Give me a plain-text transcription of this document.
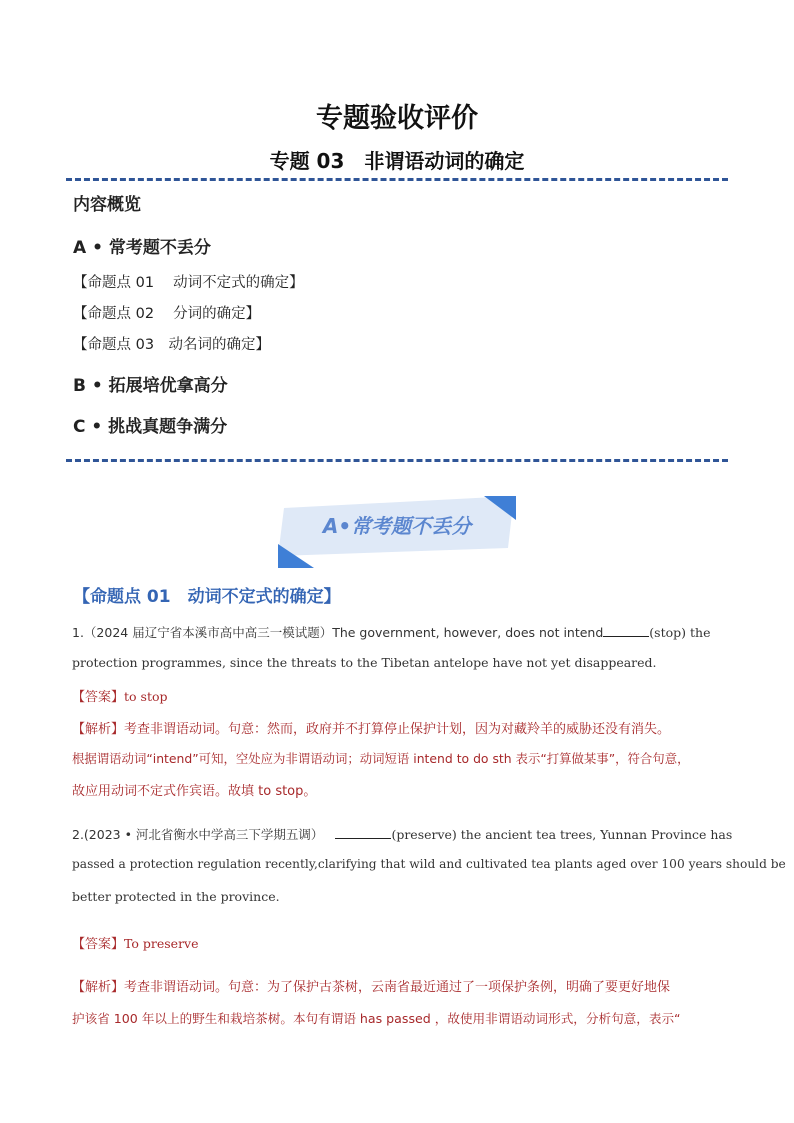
专题验收评价
专题 03　非谓语动词的确定
内容概览
A • 常考题不丢分
【命题点 01　 动词不定式的确定】
【命题点 02　 分词的确定】
【命题点 03　动名词的确定】
B • 拓展培优拿高分
C • 挑战真题争满分
A•常考题不丢分
【命题点 01　动词不定式的确定】
1.（2024 届辽宁省本溪市高中高三一模试题）The government, however, does not intend	(stop) the
protection programmes, since the threats to the Tibetan antelope have not yet disappeared.
【答案】to stop
【解析】考查非谓语动词。句意：然而，政府并不打算停止保护计划，因为对藏羚羊的威胁还没有消失。
根据谓语动词“intend”可知，空处应为非谓语动词；动词短语 intend to do sth 表示“打算做某事”，符合句意，
故应用动词不定式作宾语。故填 to stop。
2.(2023 • 河北省衡水中学高三下学期五调）	(preserve) the ancient tea trees, Yunnan Province has
passed a protection regulation recently,clarifying that wild and cultivated tea plants aged over 100 years should be
better protected in the province.
【答案】To preserve
【解析】考查非谓语动词。句意：为了保护古茶树，云南省最近通过了一项保护条例，明确了要更好地保
护该省 100 年以上的野生和栽培茶树。本句有谓语 has passed ，故使用非谓语动词形式，分析句意，表示“
